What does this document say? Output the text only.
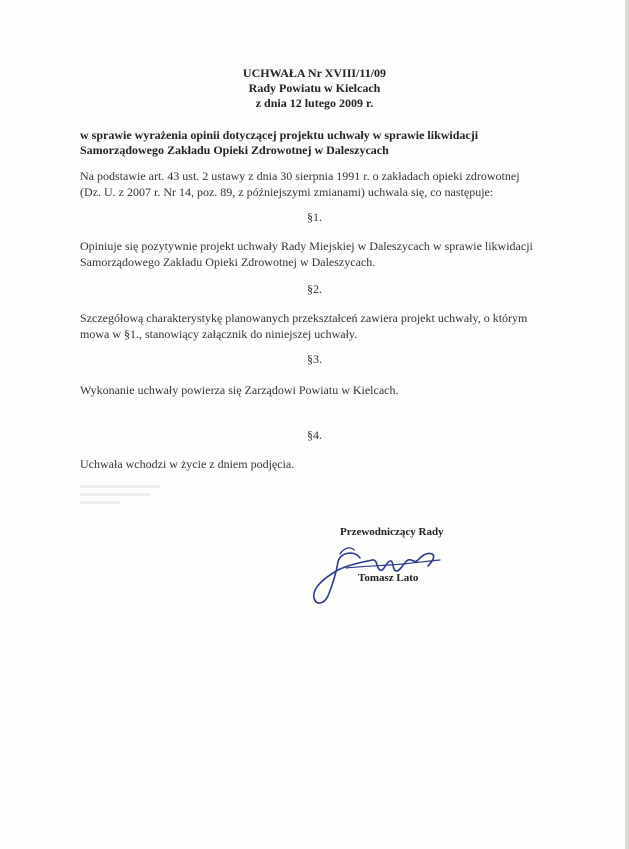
UCHWAŁA Nr XVIII/11/09
Rady Powiatu w Kielcach
z dnia 12 lutego 2009 r.
w sprawie wyrażenia opinii dotyczącej projektu uchwały w sprawie likwidacji
Samorządowego Zakładu Opieki Zdrowotnej w Daleszycach
Na podstawie art. 43 ust. 2 ustawy z dnia 30 sierpnia 1991 r. o zakładach opieki zdrowotnej
(Dz. U. z 2007 r. Nr 14, poz. 89, z późniejszymi zmianami) uchwala się, co następuje:
§1.
Opiniuje się pozytywnie projekt uchwały Rady Miejskiej w Daleszycach w sprawie likwidacji
Samorządowego Zakładu Opieki Zdrowotnej w Daleszycach.
§2.
Szczegółową charakterystykę planowanych przekształceń zawiera projekt uchwały, o którym
mowa w §1., stanowiący załącznik do niniejszej uchwały.
§3.
Wykonanie uchwały powierza się Zarządowi Powiatu w Kielcach.
§4.
Uchwała wchodzi w życie z dniem podjęcia.
Przewodniczący Rady
Tomasz Lato
